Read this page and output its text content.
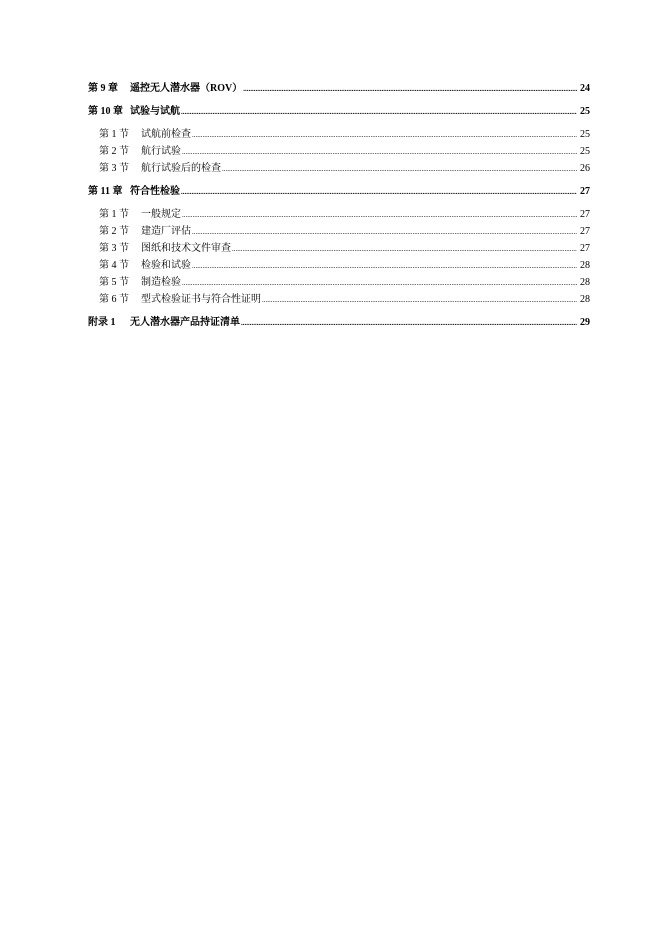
第 9 章	遥控无人潜水器（ROV） .....	24
第 10 章 试验与试航 .....	25
第 1 节	试航前检查 .....	25
第 2 节	航行试验 .....	25
第 3 节	航行试验后的检查 .....	26
第 11 章 符合性检验 .....	27
第 1 节	一般规定 .....	27
第 2 节	建造厂评估 .....	27
第 3 节	图纸和技术文件审查 .....	27
第 4 节	检验和试验 .....	28
第 5 节	制造检验 .....	28
第 6 节	型式检验证书与符合性证明 .....	28
附录 1	无人潜水器产品持证清单 .....	29
